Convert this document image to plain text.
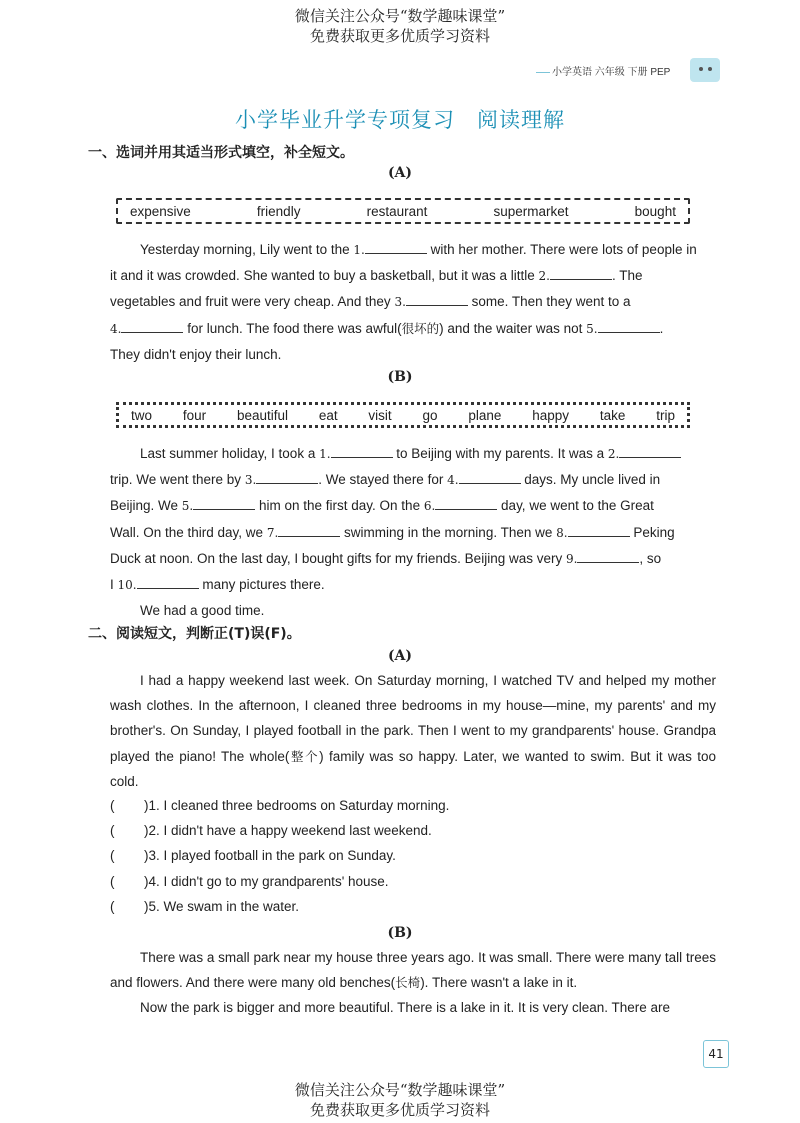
微信关注公众号“数学趣味课堂”
免费获取更多优质学习资料
小学英语 六年级 下册 PEP
小学毕业升学专项复习　阅读理解
一、选词并用其适当形式填空，补全短文。
(A)
expensive	friendly	restaurant	supermarket	bought
Yesterday morning, Lily went to the 1.	with her mother. There were lots of people in
it and it was crowded. She wanted to buy a basketball, but it was a little 2.	. The
vegetables and fruit were very cheap. And they 3.	some. Then they went to a
4.	for lunch. The food there was awful(很坏的) and the waiter was not 5.	.
They didn't enjoy their lunch.
(B)
two four beautiful eat visit go plane happy take trip
Last summer holiday, I took a 1.	to Beijing with my parents. It was a 2.
trip. We went there by 3.	. We stayed there for 4.	days. My uncle lived in
Beijing. We 5.	him on the first day. On the 6.	day, we went to the Great
Wall. On the third day, we 7.	swimming in the morning. Then we 8.	Peking
Duck at noon. On the last day, I bought gifts for my friends. Beijing was very 9.	, so
I 10.	many pictures there.
We had a good time.
二、阅读短文，判断正(T)误(F)。
(A)
I had a happy weekend last week. On Saturday morning, I watched TV and helped my mother wash clothes. In the afternoon, I cleaned three bedrooms in my house—mine, my parents' and my brother's. On Sunday, I played football in the park. Then I went to my grandparents' house. Grandpa played the piano! The whole(整个) family was so happy. Later, we wanted to swim. But it was too cold.
( )1. I cleaned three bedrooms on Saturday morning.
( )2. I didn't have a happy weekend last weekend.
( )3. I played football in the park on Sunday.
( )4. I didn't go to my grandparents' house.
( )5. We swam in the water.
(B)
There was a small park near my house three years ago. It was small. There were many tall trees and flowers. And there were many old benches(长椅). There wasn't a lake in it.
Now the park is bigger and more beautiful. There is a lake in it. It is very clean. There are
41
微信关注公众号“数学趣味课堂”
免费获取更多优质学习资料
